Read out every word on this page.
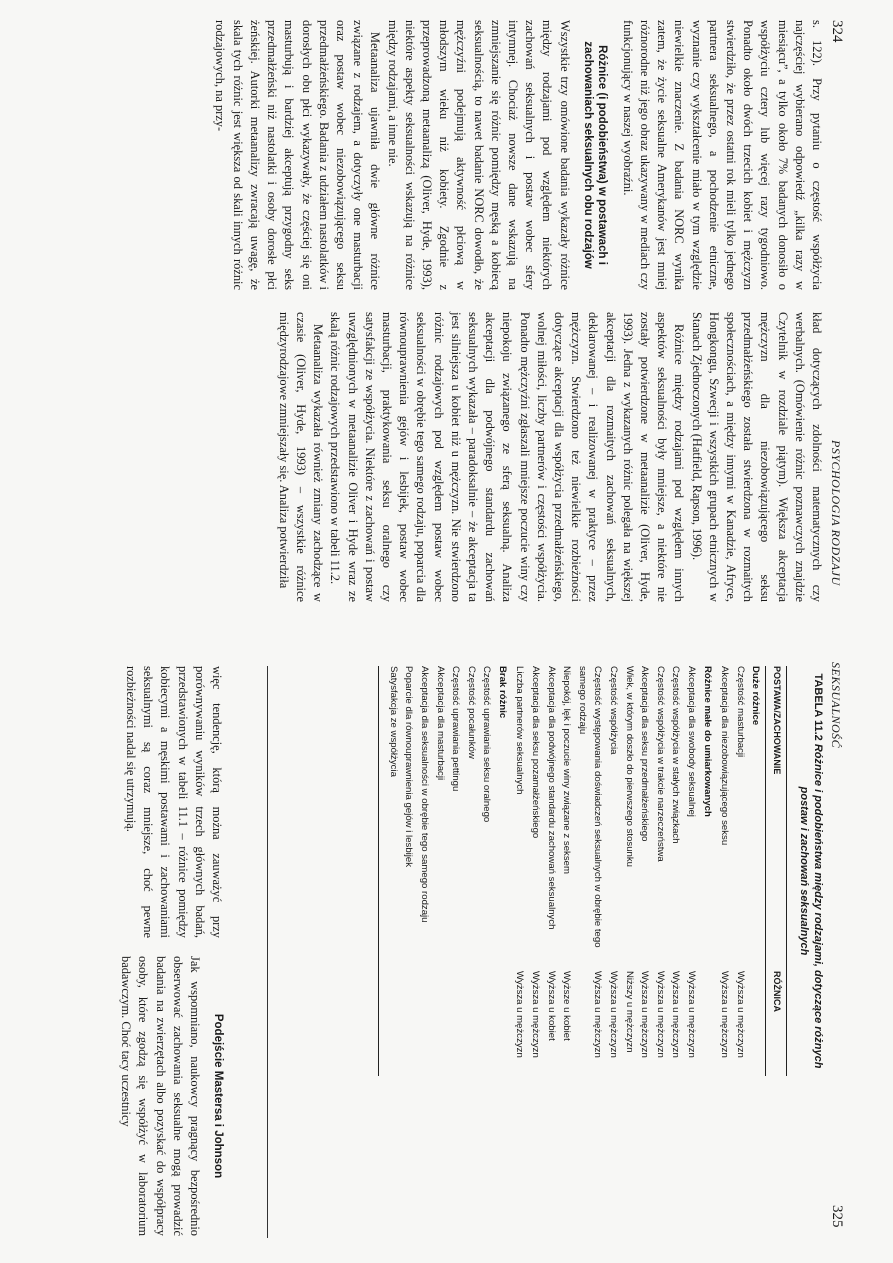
324
PSYCHOLOGIA RODZAJU

s. 122). Przy pytaniu o częstość współżycia najczęściej wybierano odpowiedź „kilka razy w miesiącu”, a tylko około 7% badanych donosiło o współżyciu cztery lub więcej razy tygodniowo. Ponadto około dwóch trzecich kobiet i mężczyzn stwierdziło, że przez ostatni rok mieli tylko jednego partnera seksualnego, a pochodzenie etniczne, wyznanie czy wykształcenie miało w tym względzie niewielkie znaczenie. Z badania NORC wynika zatem, że życie seksualne Amerykanów jest mniej różnorodne niż jego obraz ukazywany w mediach czy funkcjonujący w naszej wyobraźni.

Różnice (i podobieństwa) w postawach i zachowaniach seksualnych obu rodzajów

Wszystkie trzy omówione badania wykazały różnice między rodzajami pod względem niektórych zachowań seksualnych i postaw wobec sfery intymnej. Chociaż nowsze dane wskazują na zmniejszanie się różnic pomiędzy męską a kobiecą seksualnością, to nawet badanie NORC dowodło, że mężczyźni podejmują aktywność płciową w młodszym wieku niż kobiety. Zgodnie z przeprowadzoną metaanalizą (Oliver, Hyde, 1993), niektóre aspekty seksualności wskazują na różnice między rodzajami, a inne nie.

Metaanaliza ujawniła dwie główne różnice związane z rodzajem, a dotyczyły one masturbacji oraz postaw wobec niezobowiązującego seksu przedmałżeńskiego. Badania z udziałem nastolatków i dorosłych obu płci wykazywały, że częściej się oni masturbują i bardziej akceptują przygodny seks przedmałżeński niż nastolatki i osoby dorosłe płci żeńskiej. Autorki metaanalizy zwracają uwagę, że skala tych różnic jest większa od skali innych różnic rodzajowych, na przy-

kład dotyczących zdolności matematycznych czy werbalnych. (Omówienie różnic poznawczych znajdzie Czytelnik w rozdziale piątym). Większa akceptacja mężczyzn dla niezobowiązującego seksu przedmałżeńskiego została stwierdzona w rozmaitych społecznościach, a między innymi w Kanadzie, Afryce, Hongkongu, Szwecji i wszystkich grupach etnicznych w Stanach Zjednoczonych (Hatfield, Rapson, 1996).

Różnice między rodzajami pod względem innych aspektów seksualności były mniejsze, a niektóre nie zostały potwierdzone w metaanalizie (Oliver, Hyde, 1993). Jedna z wykazanych różnic polegała na większej akceptacji dla rozmaitych zachowań seksualnych, deklarowanej – i realizowanej w praktyce – przez mężczyzn. Stwierdzono też niewielkie rozbieżności dotyczące akceptacji dla współżycia przedmałżeńskiego, wolnej miłości, liczby partnerów i częstości współżycia. Ponadto mężczyźni zgłaszali mniejsze poczucie winy czy niepokoju związanego ze sferą seksualną. Analiza akceptacji dla podwójnego standardu zachowań seksualnych wykazała – paradoksalnie – że akceptacja ta jest silniejsza u kobiet niż u mężczyzn. Nie stwierdzono różnic rodzajowych pod względem postaw wobec seksualności w obrębie tego samego rodzaju, poparcia dla równouprawnienia gejów i lesbijek, postaw wobec masturbacji, praktykowania seksu oralnego czy satysfakcji ze współżycia. Niektóre z zachowań i postaw uwzględnionych w metaanalizie Oliver i Hyde wraz ze skalą różnic rodzajowych przedstawiono w tabeli 11.2.

Metaanaliza wykazała również zmiany zachodzące w czasie (Oliver, Hyde, 1993) – wszystkie różnice międzyrodzajowe zmniejszały się. Analiza potwierdziła

SEKSUALNOŚĆ
325
TABELA 11.2 Różnice i podobieństwa między rodzajami, dotyczące różnych postaw i zachowań seksualnych
POSTAWA/ZACHOWANIE
RÓŻNICA
Duże różnice
Częstość masturbacji
Wyższa u mężczyzn
Akceptacja dla niezobowiązującego seksu
Wyższa u mężczyzn
Różnice małe do umiarkowanych
Akceptacja dla swobody seksualnej
Wyższa u mężczyzn
Częstość współżycia w stałych związkach
Wyższa u mężczyzn
Częstość współżycia w trakcie narzeczeństwa
Wyższa u mężczyzn
Akceptacja dla seksu przedmałżeńskiego
Wyższa u mężczyzn
Wiek, w którym doszło do pierwszego stosunku
Niższy u mężczyzn
Częstość współżycia
Wyższa u mężczyzn
Częstość występowania doświadczeń seksualnych w obrębie tego samego rodzaju
Wyższa u mężczyzn
Niepokój, lęk i poczucie winy związane z seksem
Wyższe u kobiet
Akceptacja dla podwójnego standardu zachowań seksualnych
Wyższa u kobiet
Akceptacja dla seksu pozamałżeńskiego
Wyższa u mężczyzn
Liczba partnerów seksualnych
Wyższa u mężczyzn
Brak różnic
Częstość uprawiania seksu oralnego
Częstość pocałunków
Częstość uprawiania pettingu
Akceptacja dla masturbacji
Akceptacja dla seksualności w obrębie tego samego rodzaju
Poparcie dla równouprawnienia gejów i lesbijek
Satysfakcja ze współżycia

więc tendencję, którą można zauważyć przy porównywaniu wyników trzech głównych badań, przedstawionych w tabeli 11.1 – różnice pomiędzy kobiecymi a męskimi postawami i zachowaniami seksualnymi są coraz mniejsze, choć pewne rozbieżności nadal się utrzymują.

Podejście Mastersa i Johnson

Jak wspomniano, naukowcy pragnący bezpośrednio obserwować zachowania seksualne mogą prowadzić badania na zwierzętach albo pozyskać do współpracy osoby, które zgodzą się współżyć w laboratorium badawczym. Choć tacy uczestnicy
